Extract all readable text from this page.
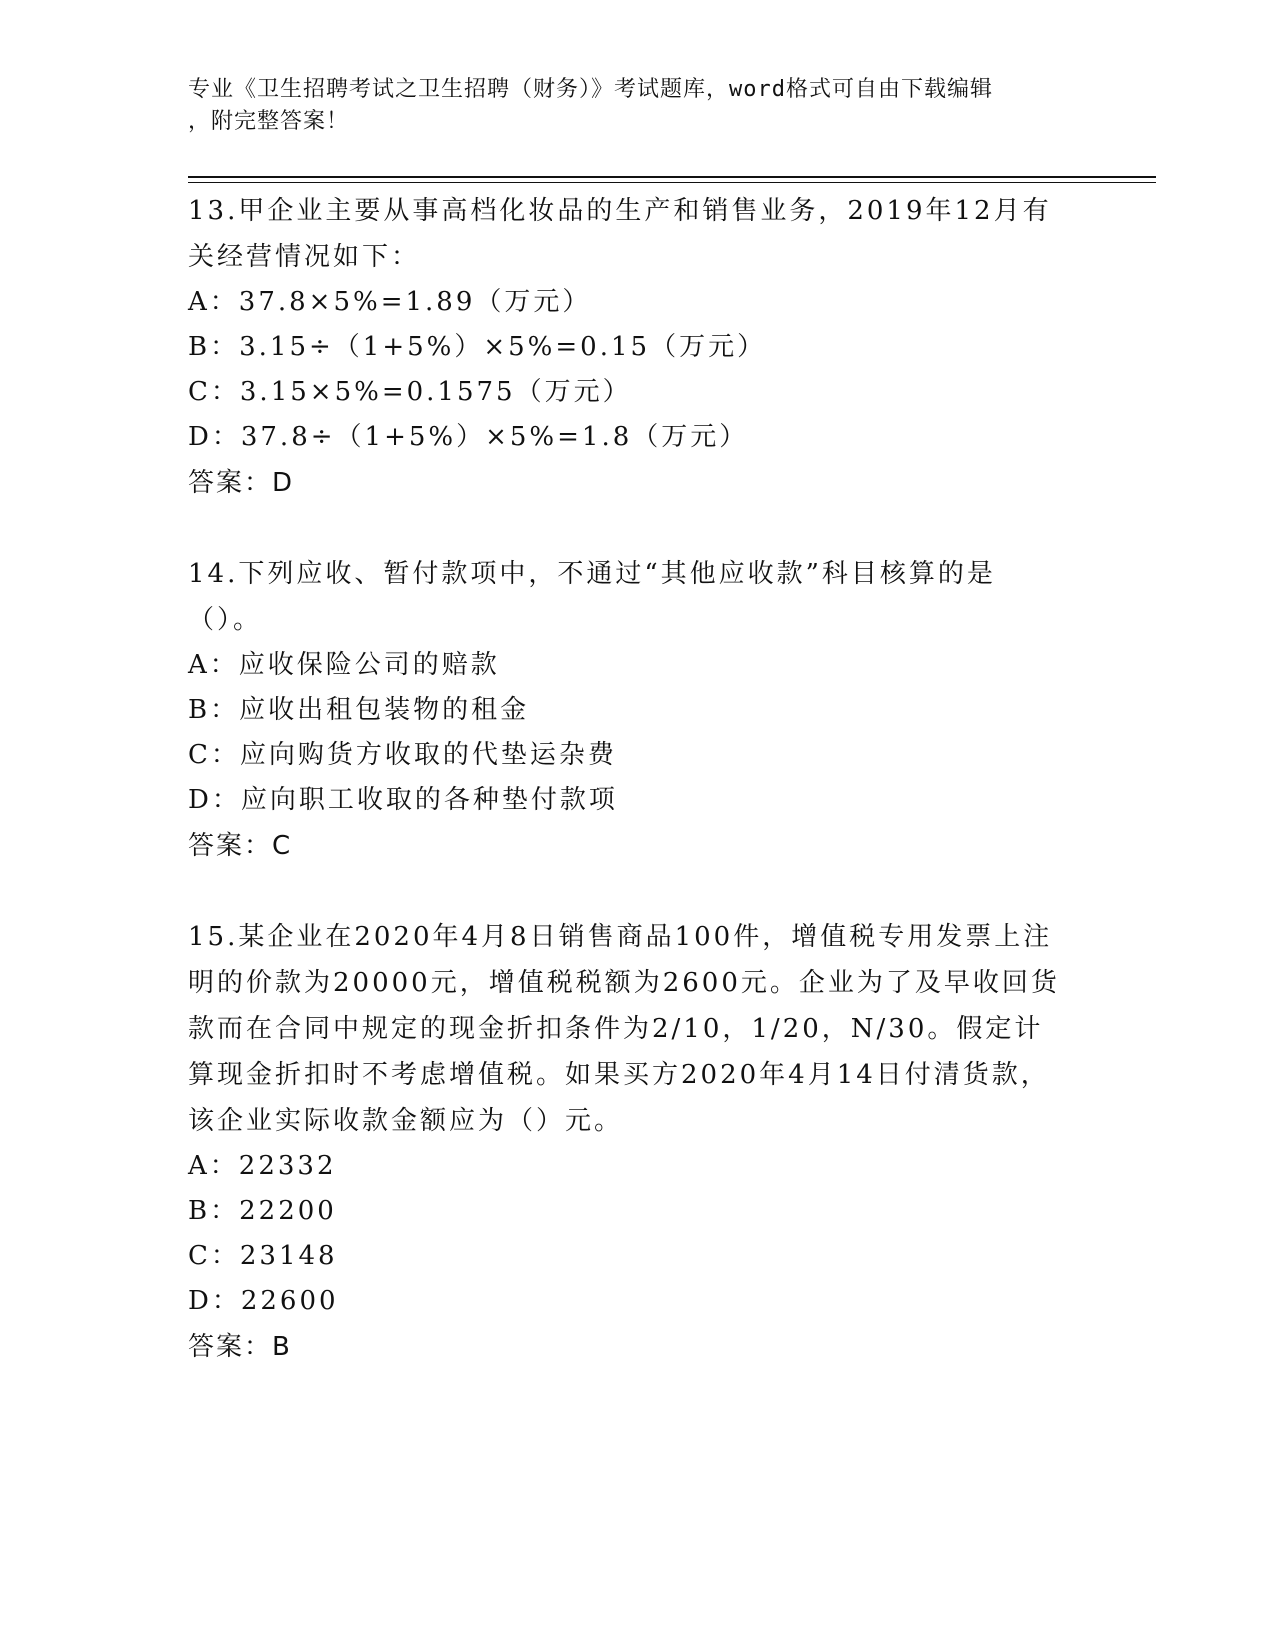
专业《卫生招聘考试之卫生招聘（财务）》考试题库，word格式可自由下载编辑
，附完整答案！
13.甲企业主要从事高档化妆品的生产和销售业务，2019年12月有关经营情况如下：
A：37.8×5%=1.89（万元）
B：3.15÷（1+5%）×5%=0.15（万元）
C：3.15×5%=0.1575（万元）
D：37.8÷（1+5%）×5%=1.8（万元）
答案：D
14.下列应收、暂付款项中，不通过“其他应收款”科目核算的是（）。
A：应收保险公司的赔款
B：应收出租包装物的租金
C：应向购货方收取的代垫运杂费
D：应向职工收取的各种垫付款项
答案：C
15.某企业在2020年4月8日销售商品100件，增值税专用发票上注明的价款为20000元，增值税税额为2600元。企业为了及早收回货款而在合同中规定的现金折扣条件为2/10，1/20，N/30。假定计算现金折扣时不考虑增值税。如果买方2020年4月14日付清货款，该企业实际收款金额应为（）元。
A：22332
B：22200
C：23148
D：22600
答案：B
